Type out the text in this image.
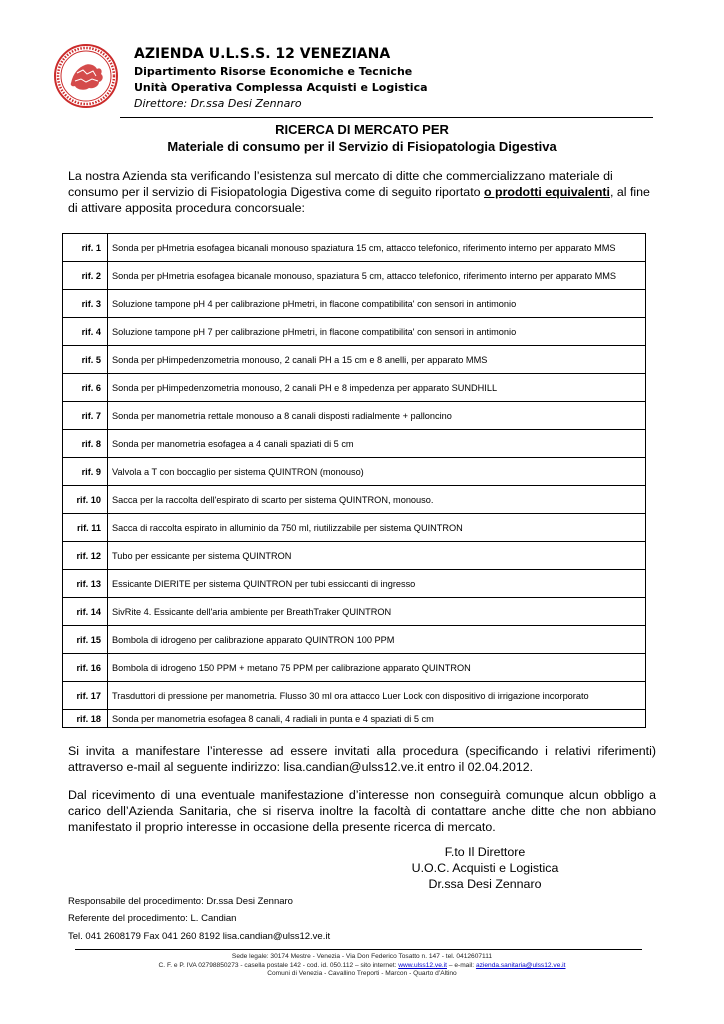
AZIENDA U.L.S.S. 12 VENEZIANA
Dipartimento Risorse Economiche e Tecniche
Unità Operativa Complessa Acquisti e Logistica
Direttore: Dr.ssa Desi Zennaro
RICERCA DI MERCATO PER
Materiale di consumo per il Servizio di Fisiopatologia Digestiva

La nostra Azienda sta verificando l’esistenza sul mercato di ditte che commercializzano materiale di consumo per il servizio di Fisiopatologia Digestiva come di seguito riportato o prodotti equivalenti, al fine di attivare apposita procedura concorsuale:

rif. 1	Sonda per pHmetria esofagea bicanali monouso spaziatura 15 cm, attacco telefonico, riferimento interno per apparato MMS
rif. 2	Sonda per pHmetria esofagea bicanale monouso, spaziatura 5 cm, attacco telefonico, riferimento interno per apparato MMS
rif. 3	Soluzione tampone pH 4 per calibrazione pHmetri, in flacone compatibilita' con sensori in antimonio
rif. 4	Soluzione tampone pH 7 per calibrazione pHmetri, in flacone compatibilita' con sensori in antimonio
rif. 5	Sonda per pHimpedenzometria monouso, 2 canali PH a 15 cm e 8 anelli, per apparato MMS
rif. 6	Sonda per pHimpedenzometria monouso, 2 canali PH e 8 impedenza per apparato SUNDHILL
rif. 7	Sonda per manometria rettale monouso a 8 canali disposti radialmente + palloncino
rif. 8	Sonda per manometria esofagea a 4 canali spaziati di 5 cm
rif. 9	Valvola a T con boccaglio per sistema QUINTRON (monouso)
rif. 10	Sacca per la raccolta dell'espirato di scarto per sistema QUINTRON, monouso.
rif. 11	Sacca di raccolta espirato in alluminio da 750 ml, riutilizzabile per sistema QUINTRON
rif. 12	Tubo per essicante per sistema QUINTRON
rif. 13	Essicante DIERITE per sistema QUINTRON per tubi essiccanti di ingresso
rif. 14	SivRite 4. Essicante dell'aria ambiente per BreathTraker QUINTRON
rif. 15	Bombola di idrogeno per calibrazione apparato QUINTRON 100 PPM
rif. 16	Bombola di idrogeno 150 PPM + metano 75 PPM per calibrazione apparato QUINTRON
rif. 17	Trasduttori di pressione per manometria. Flusso 30 ml ora attacco Luer Lock con dispositivo di irrigazione incorporato
rif. 18	Sonda per manometria esofagea 8 canali, 4 radiali in punta e 4 spaziati di 5 cm

Si invita a manifestare l’interesse ad essere invitati alla procedura (specificando i relativi riferimenti) attraverso e-mail al seguente indirizzo: lisa.candian@ulss12.ve.it entro il 02.04.2012.

Dal ricevimento di una eventuale manifestazione d’interesse non conseguirà comunque alcun obbligo a carico dell’Azienda Sanitaria, che si riserva inoltre la facoltà di contattare anche ditte che non abbiano manifestato il proprio interesse in occasione della presente ricerca di mercato.

F.to Il Direttore
U.O.C. Acquisti e Logistica
Dr.ssa Desi Zennaro
Responsabile del procedimento: Dr.ssa Desi Zennaro
Referente del procedimento: L. Candian
Tel. 041 2608179 Fax 041 260 8192 lisa.candian@ulss12.ve.it
Sede legale: 30174 Mestre - Venezia - Via Don Federico Tosatto n. 147 - tel. 0412607111
C. F. e P. IVA 02798850273 - casella postale 142 - cod. id. 050.112 – sito internet: www.ulss12.ve.it – e-mail: azienda.sanitaria@ulss12.ve.it
Comuni di Venezia - Cavallino Treporti - Marcon - Quarto d’Altino
